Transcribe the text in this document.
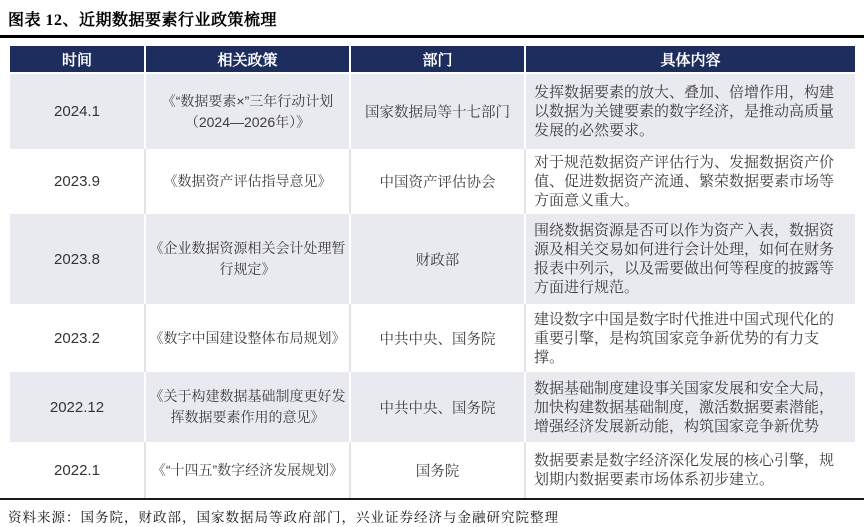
图表 12、近期数据要素行业政策梳理
时间	相关政策	部门	具体内容
2024.1	《“数据要素×”三年行动计划（2024—2026年）》	国家数据局等十七部门	发挥数据要素的放大、叠加、倍增作用，构建以数据为关键要素的数字经济，是推动高质量发展的必然要求。
2023.9	《数据资产评估指导意见》	中国资产评估协会	对于规范数据资产评估行为、发掘数据资产价值、促进数据资产流通、繁荣数据要素市场等方面意义重大。
2023.8	《企业数据资源相关会计处理暂行规定》	财政部	围绕数据资源是否可以作为资产入表，数据资源及相关交易如何进行会计处理，如何在财务报表中列示，以及需要做出何等程度的披露等方面进行规范。
2023.2	《数字中国建设整体布局规划》	中共中央、国务院	建设数字中国是数字时代推进中国式现代化的重要引擎，是构筑国家竞争新优势的有力支撑。
2022.12	《关于构建数据基础制度更好发挥数据要素作用的意见》	中共中央、国务院	数据基础制度建设事关国家发展和安全大局，加快构建数据基础制度，激活数据要素潜能，增强经济发展新动能，构筑国家竞争新优势
2022.1	《“十四五”数字经济发展规划》	国务院	数据要素是数字经济深化发展的核心引擎，规划期内数据要素市场体系初步建立。
资料来源：国务院，财政部，国家数据局等政府部门，兴业证券经济与金融研究院整理
